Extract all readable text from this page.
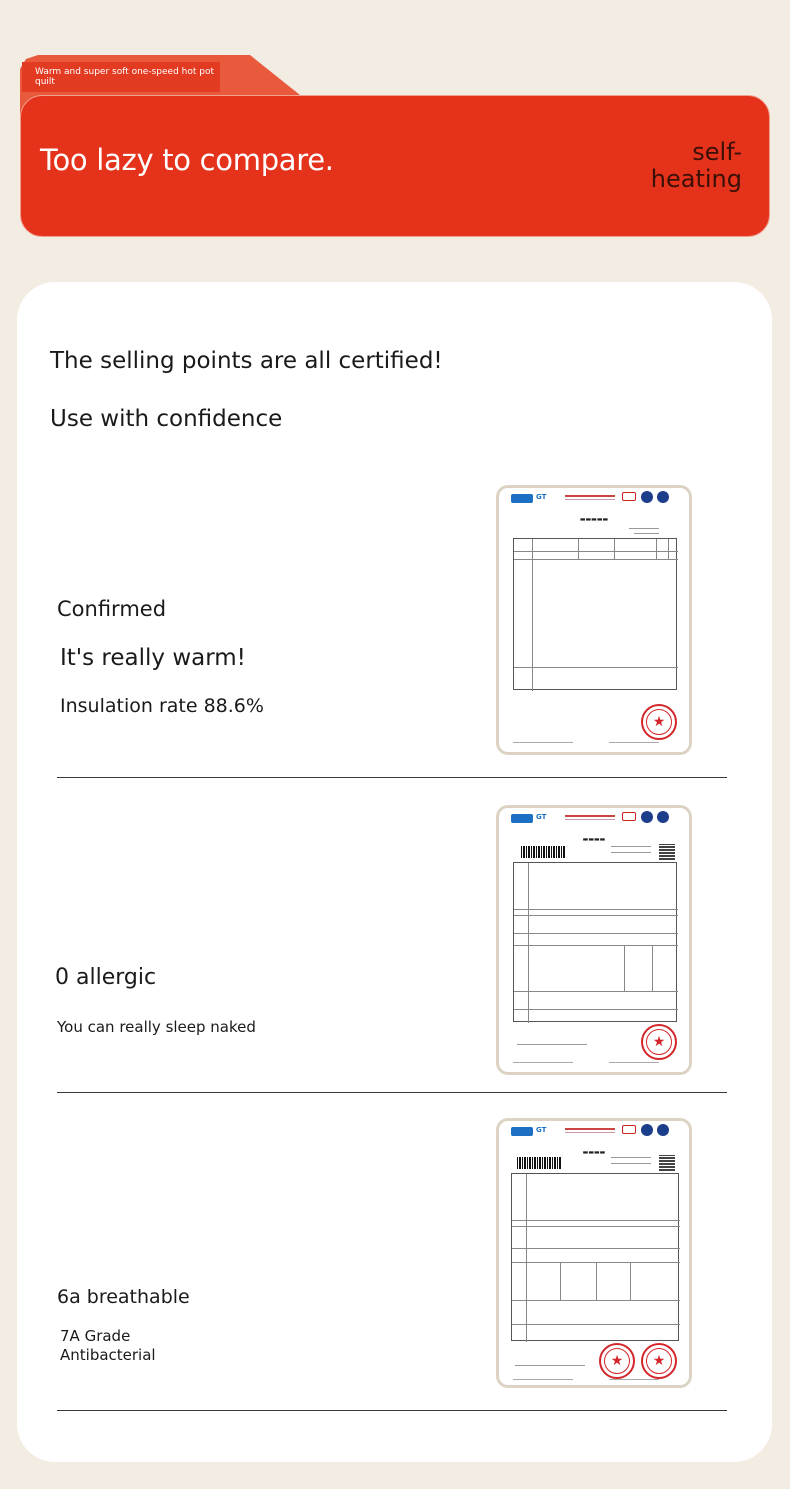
Warm and super soft one-speed hot pot quilt
Too lazy to compare.	self-heating
The selling points are all certified!
Use with confidence
Confirmed
It's really warm!
Insulation rate 88.6%
GT
▬▬▬▬▬
★
0 allergic
You can really sleep naked
GT
▬▬▬▬
★
6a breathable
7A Grade Antibacterial
GT
▬▬▬▬
★	★
